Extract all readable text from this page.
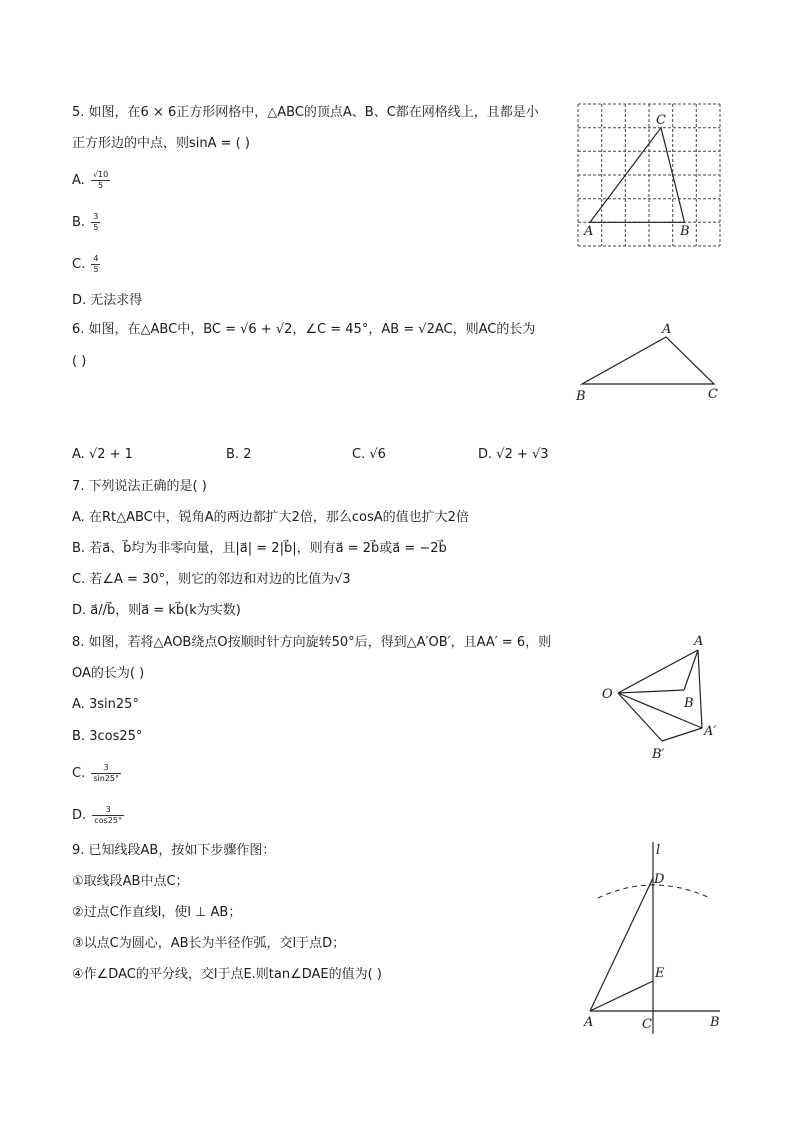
5. 如图，在6 × 6正方形网格中，△ABC的顶点A、B、C都在网格线上，且都是小
正方形边的中点，则sinA = ( )
A. $\frac{√10}{5}$
B. $\frac{3}{5}$
C. $\frac{4}{5}$
D. 无法求得
A	B
C
6. 如图，在△ABC中，BC = √6 + √2，∠C = 45°，AB = √2AC，则AC的长为
( )
A. √2 + 1	B. 2	C. √6	D. √2 + √3
A
B	C
7. 下列说法正确的是( )
A. 在Rt△ABC中，锐角A的两边都扩大2倍，那么cosA的值也扩大2倍
B. 若a⃗、b⃗均为非零向量，且|a⃗| = 2|b⃗|，则有a⃗ = 2b⃗或a⃗ = −2b⃗
C. 若∠A = 30°，则它的邻边和对边的比值为√3
D. a⃗//b⃗，则a⃗ = kb⃗(k为实数)
8. 如图，若将△AOB绕点O按顺时针方向旋转50°后，得到△A′OB′，且AA′ = 6，则
OA的长为( )
A. 3sin25°
B. 3cos25°
C. $\frac{3}{\sin 25^\circ}$
D. $\frac{3}{\cos 25^\circ}$
A
B
O
A′
B′
9. 已知线段AB，按如下步骤作图：
①取线段AB中点C；
②过点C作直线l，使l ⊥ AB；
③以点C为圆心，AB长为半径作弧，交l于点D；
④作∠DAC的平分线，交l于点E.则tan∠DAE的值为( )
l
D
E
A	C	B
